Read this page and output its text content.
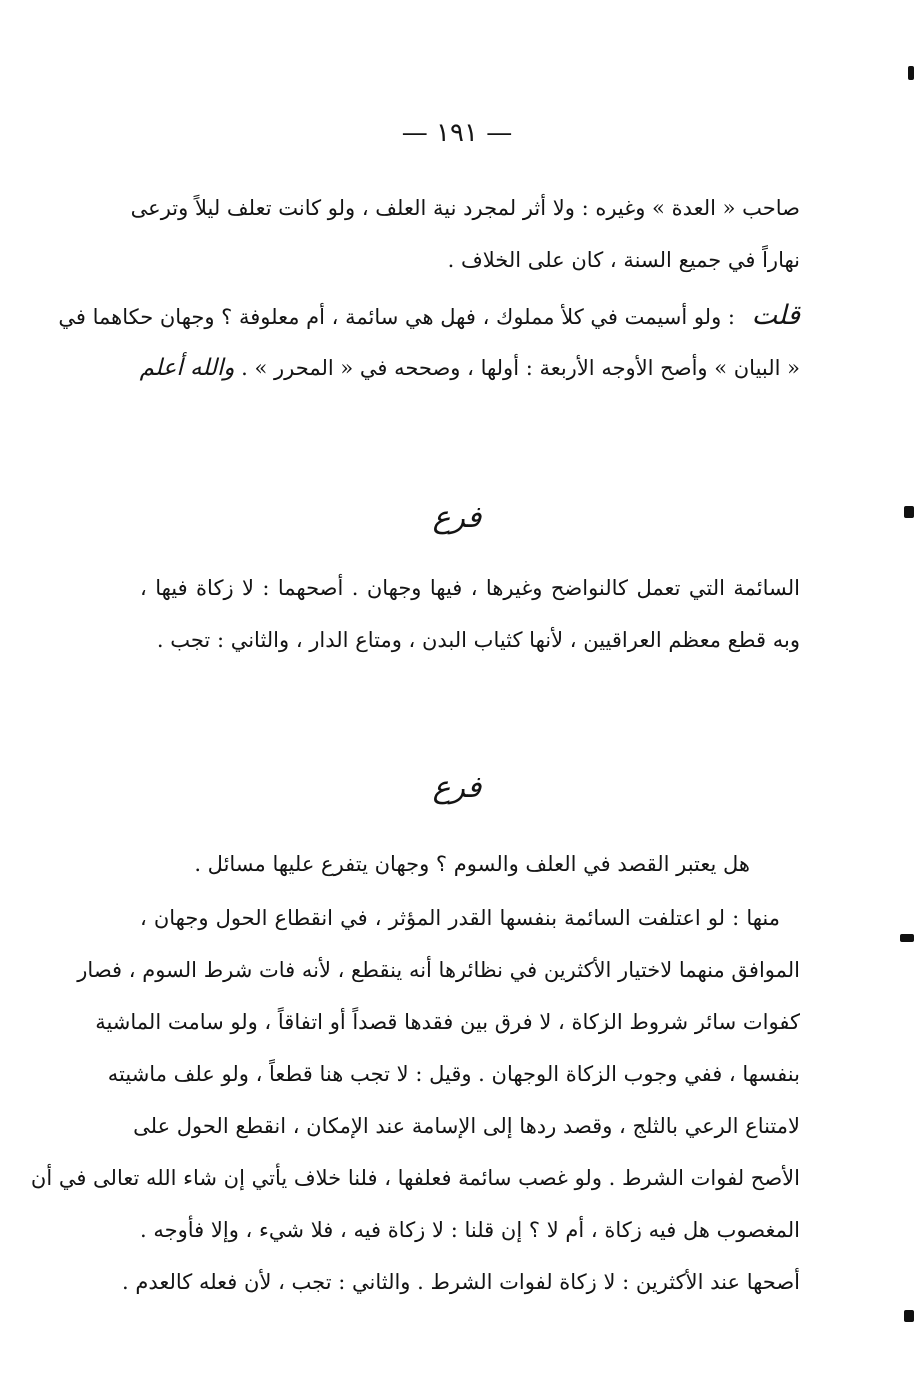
— ١٩١ —
صاحب « العدة » وغيره : ولا أثر لمجرد نية العلف ، ولو كانت تعلف ليلاً وترعى
نهاراً في جميع السنة ، كان على الخلاف .
قلت : ولو أسيمت في كلأ مملوك ، فهل هي سائمة ، أم معلوفة ؟ وجهان حكاهما في
« البيان » وأصح الأوجه الأربعة : أولها ، وصححه في « المحرر » . والله أعلم
فرع
السائمة التي تعمل كالنواضح وغيرها ، فيها وجهان . أصحهما : لا زكاة فيها ،
وبه قطع معظم العراقيين ، لأنها كثياب البدن ، ومتاع الدار ، والثاني : تجب .
فرع
هل يعتبر القصد في العلف والسوم ؟ وجهان يتفرع عليها مسائل .
منها : لو اعتلفت السائمة بنفسها القدر المؤثر ، في انقطاع الحول وجهان ،
الموافق منهما لاختيار الأكثرين في نظائرها أنه ينقطع ، لأنه فات شرط السوم ، فصار
كفوات سائر شروط الزكاة ، لا فرق بين فقدها قصداً أو اتفاقاً ، ولو سامت الماشية
بنفسها ، ففي وجوب الزكاة الوجهان . وقيل : لا تجب هنا قطعاً ، ولو علف ماشيته
لامتناع الرعي بالثلج ، وقصد ردها إلى الإسامة عند الإمكان ، انقطع الحول على
الأصح لفوات الشرط . ولو غصب سائمة فعلفها ، فلنا خلاف يأتي إن شاء الله تعالى في أن
المغصوب هل فيه زكاة ، أم لا ؟ إن قلنا : لا زكاة فيه ، فلا شيء ، وإلا فأوجه .
أصحها عند الأكثرين : لا زكاة لفوات الشرط . والثاني : تجب ، لأن فعله كالعدم .
